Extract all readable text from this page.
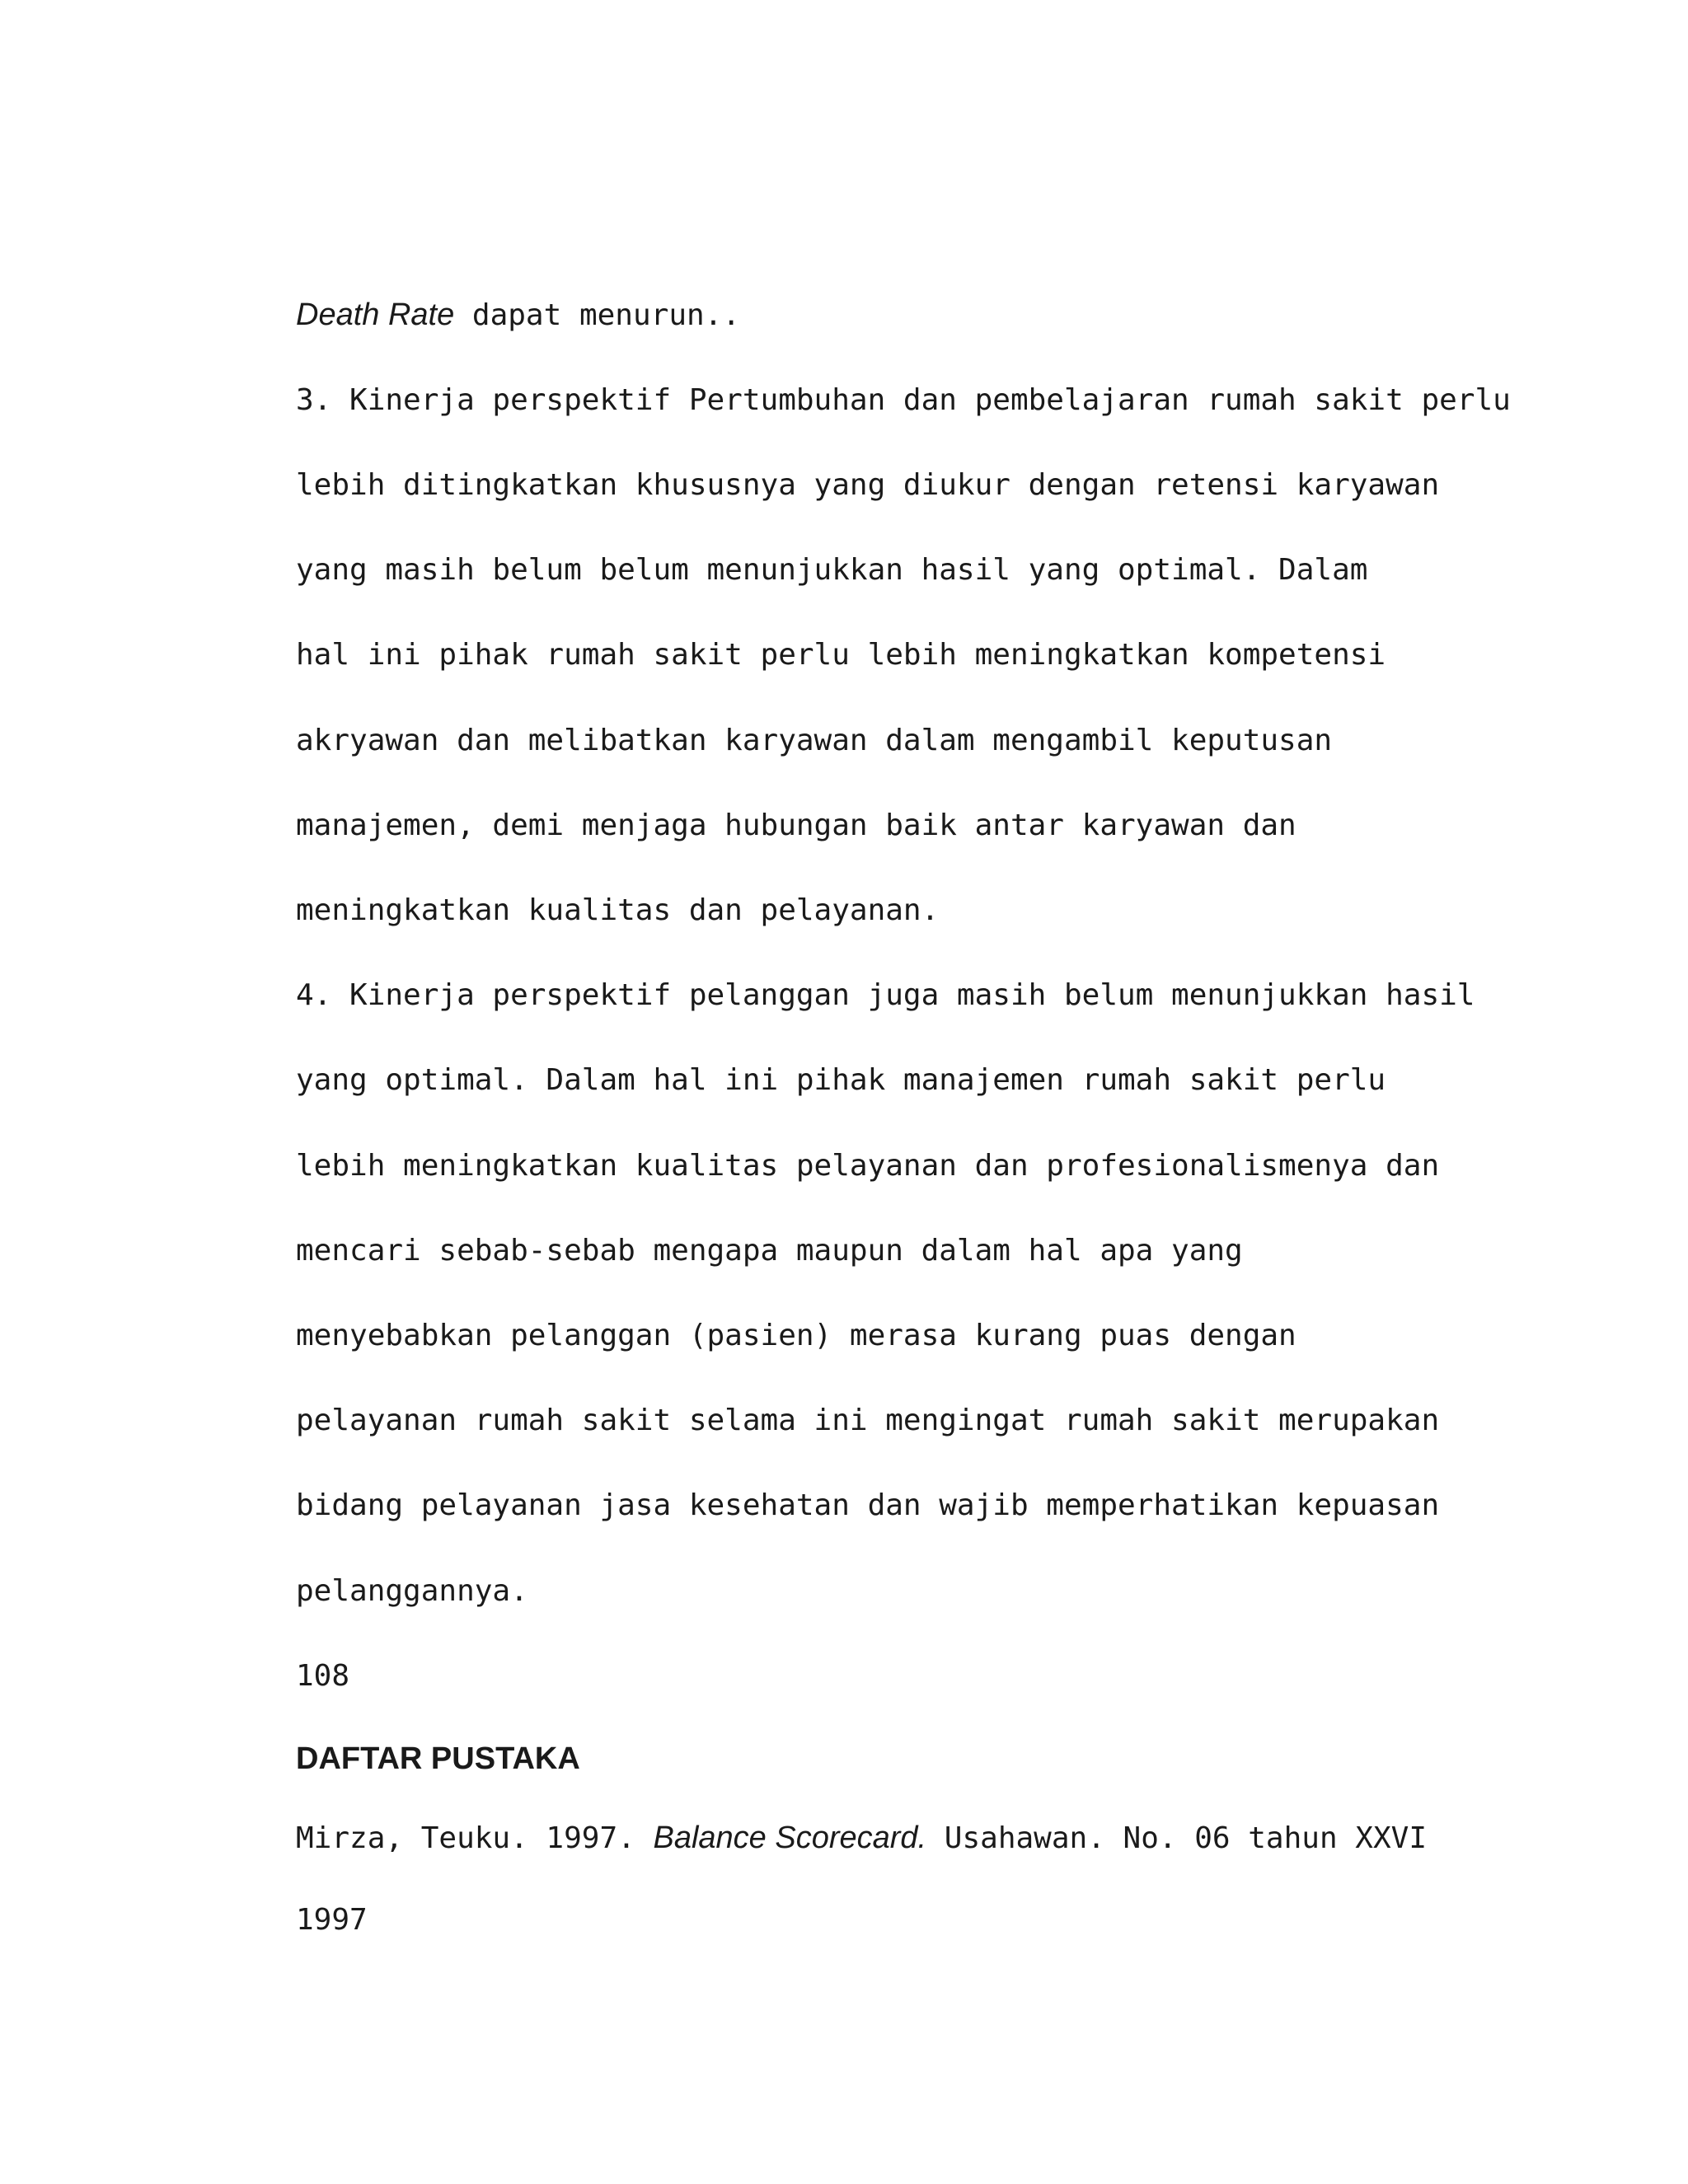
Death Rate dapat menurun..
3. Kinerja perspektif Pertumbuhan dan pembelajaran rumah sakit perlu
lebih ditingkatkan khususnya yang diukur dengan retensi karyawan
yang masih belum belum menunjukkan hasil yang optimal. Dalam
hal ini pihak rumah sakit perlu lebih meningkatkan kompetensi
akryawan dan melibatkan karyawan dalam mengambil keputusan
manajemen, demi menjaga hubungan baik antar karyawan dan
meningkatkan kualitas dan pelayanan.
4. Kinerja perspektif pelanggan juga masih belum menunjukkan hasil
yang optimal. Dalam hal ini pihak manajemen rumah sakit perlu
lebih meningkatkan kualitas pelayanan dan profesionalismenya dan
mencari sebab-sebab mengapa maupun dalam hal apa yang
menyebabkan pelanggan (pasien) merasa kurang puas dengan
pelayanan rumah sakit selama ini mengingat rumah sakit merupakan
bidang pelayanan jasa kesehatan dan wajib memperhatikan kepuasan
pelanggannya.
108
DAFTAR PUSTAKA
Mirza, Teuku. 1997. Balance Scorecard. Usahawan. No. 06 tahun XXVI
1997
